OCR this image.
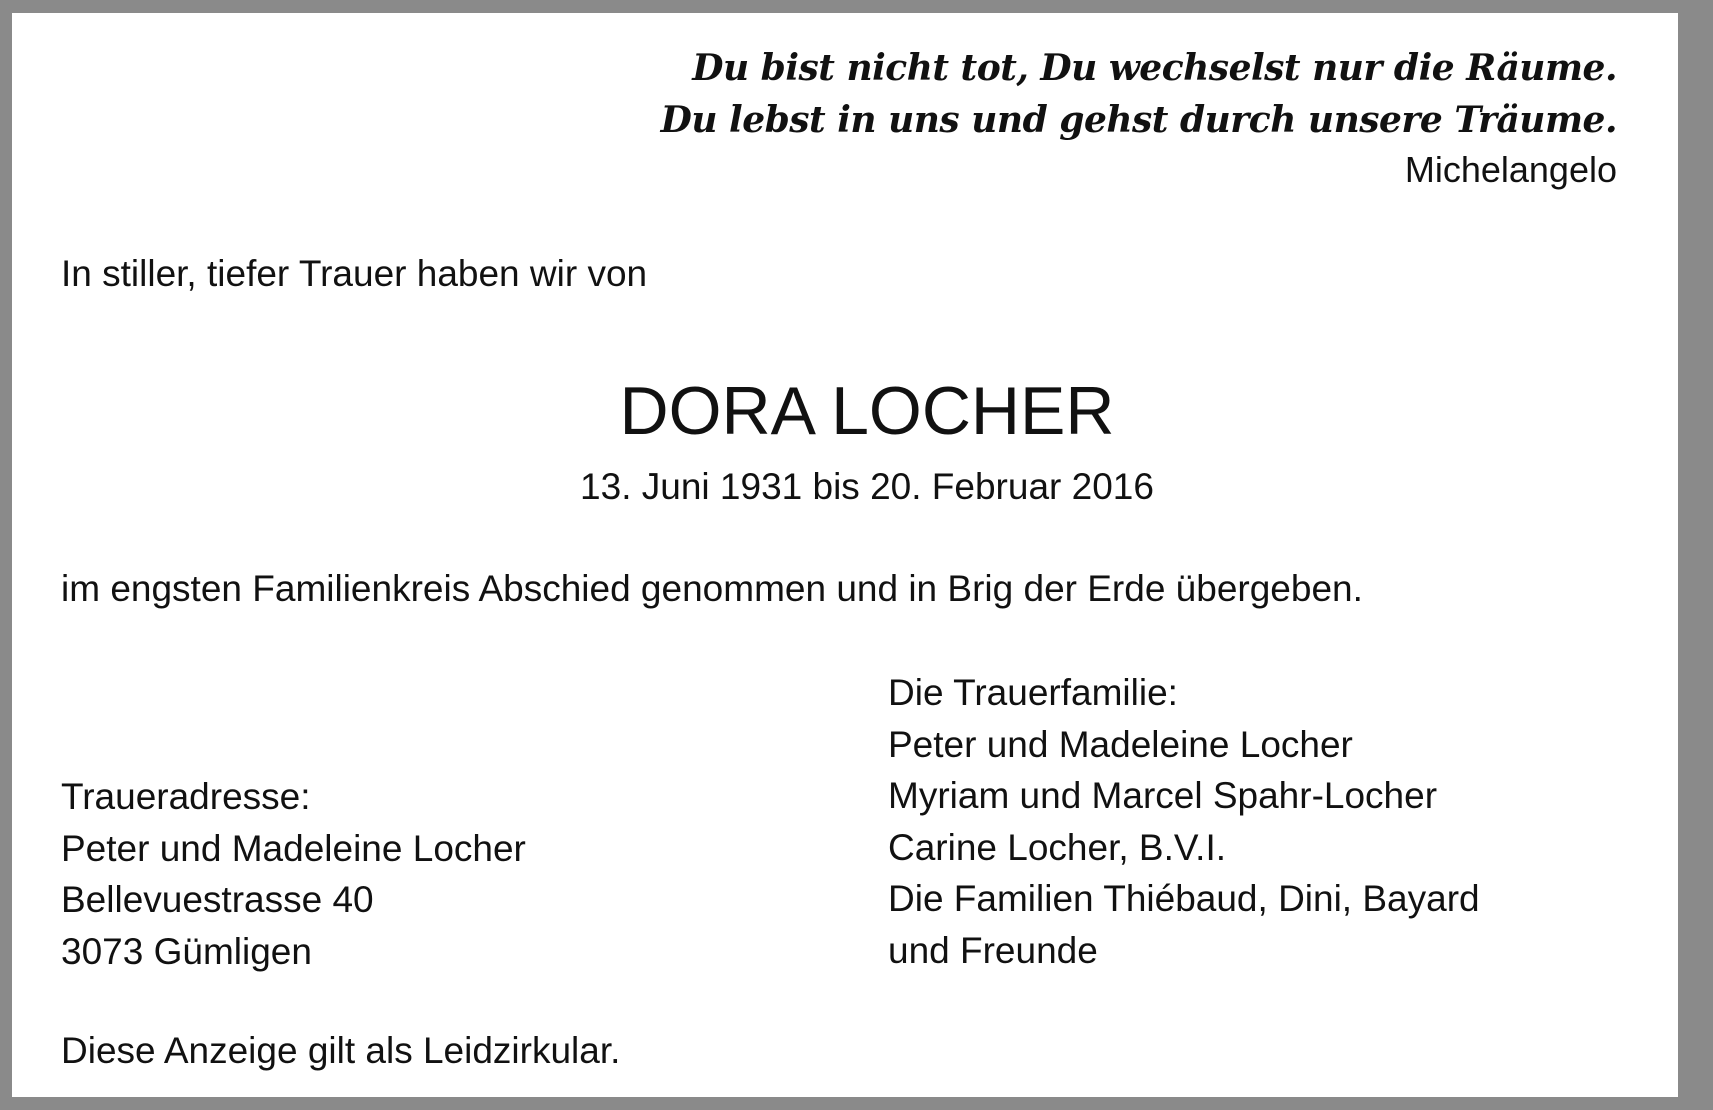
Du bist nicht tot, Du wechselst nur die Räume.
Du lebst in uns und gehst durch unsere Träume.
Michelangelo
In stiller, tiefer Trauer haben wir von
DORA LOCHER
13. Juni 1931 bis 20. Februar 2016
im engsten Familienkreis Abschied genommen und in Brig der Erde übergeben.
Traueradresse:
Peter und Madeleine Locher
Bellevuestrasse 40
3073 Gümligen
Die Trauerfamilie:
Peter und Madeleine Locher
Myriam und Marcel Spahr-Locher
Carine Locher, B.V.I.
Die Familien Thiébaud, Dini, Bayard
und Freunde
Diese Anzeige gilt als Leidzirkular.
